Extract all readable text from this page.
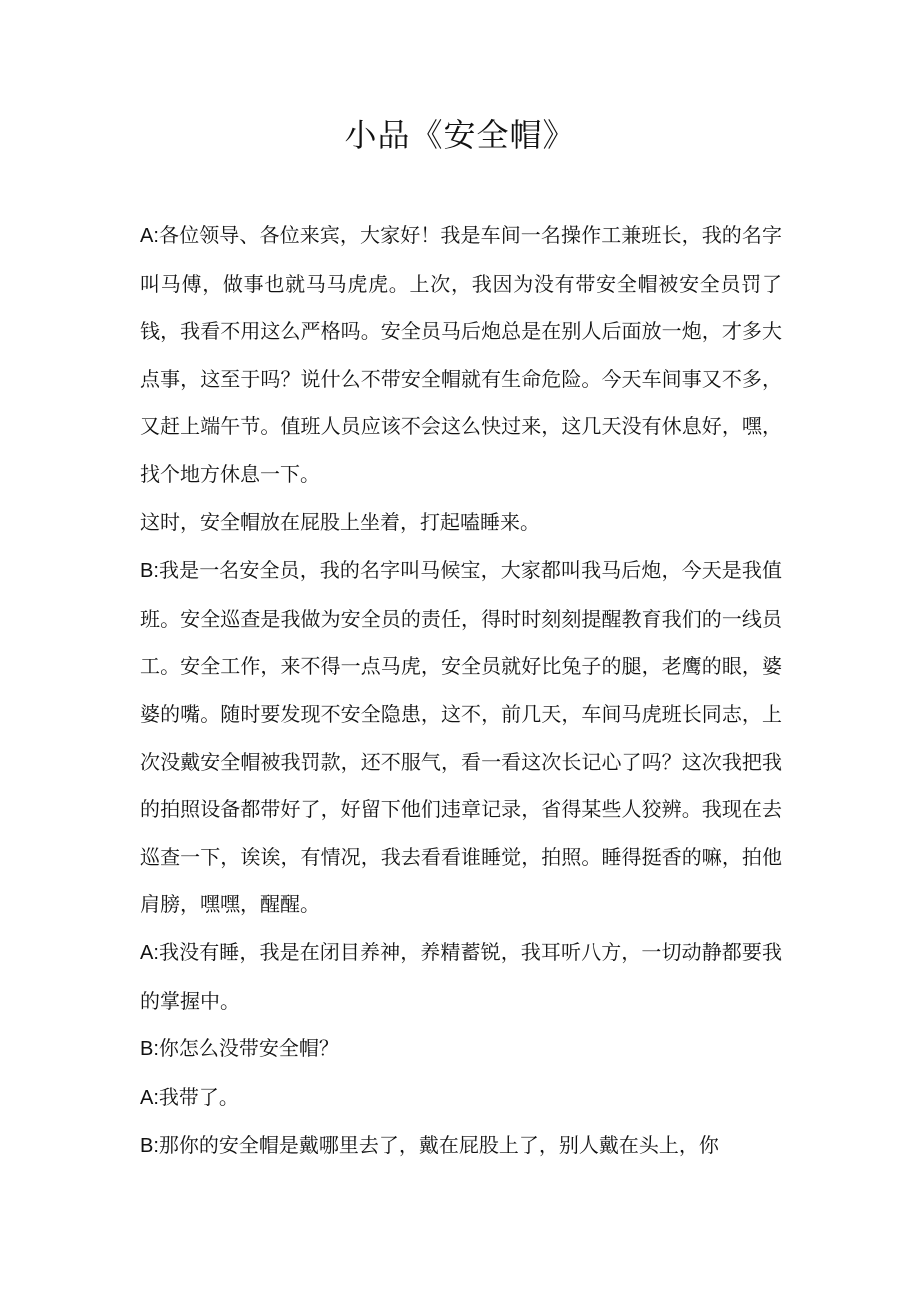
小品《安全帽》

A:各位领导、各位来宾，大家好！我是车间一名操作工兼班长，我的名字叫马傅，做事也就马马虎虎。上次，我因为没有带安全帽被安全员罚了钱，我看不用这么严格吗。安全员马后炮总是在别人后面放一炮，才多大点事，这至于吗？说什么不带安全帽就有生命危险。今天车间事又不多，又赶上端午节。值班人员应该不会这么快过来，这几天没有休息好，嘿，找个地方休息一下。

这时，安全帽放在屁股上坐着，打起嗑睡来。

B:我是一名安全员，我的名字叫马候宝，大家都叫我马后炮，今天是我值班。安全巡查是我做为安全员的责任，得时时刻刻提醒教育我们的一线员工。安全工作，来不得一点马虎，安全员就好比兔子的腿，老鹰的眼，婆婆的嘴。随时要发现不安全隐患，这不，前几天，车间马虎班长同志，上次没戴安全帽被我罚款，还不服气，看一看这次长记心了吗？这次我把我的拍照设备都带好了，好留下他们违章记录，省得某些人狡辨。我现在去巡查一下，诶诶，有情况，我去看看谁睡觉，拍照。睡得挺香的嘛，拍他肩膀，嘿嘿，醒醒。

A:我没有睡，我是在闭目养神，养精蓄锐，我耳听八方，一切动静都要我的掌握中。

B:你怎么没带安全帽？

A:我带了。

B:那你的安全帽是戴哪里去了，戴在屁股上了，别人戴在头上，你
